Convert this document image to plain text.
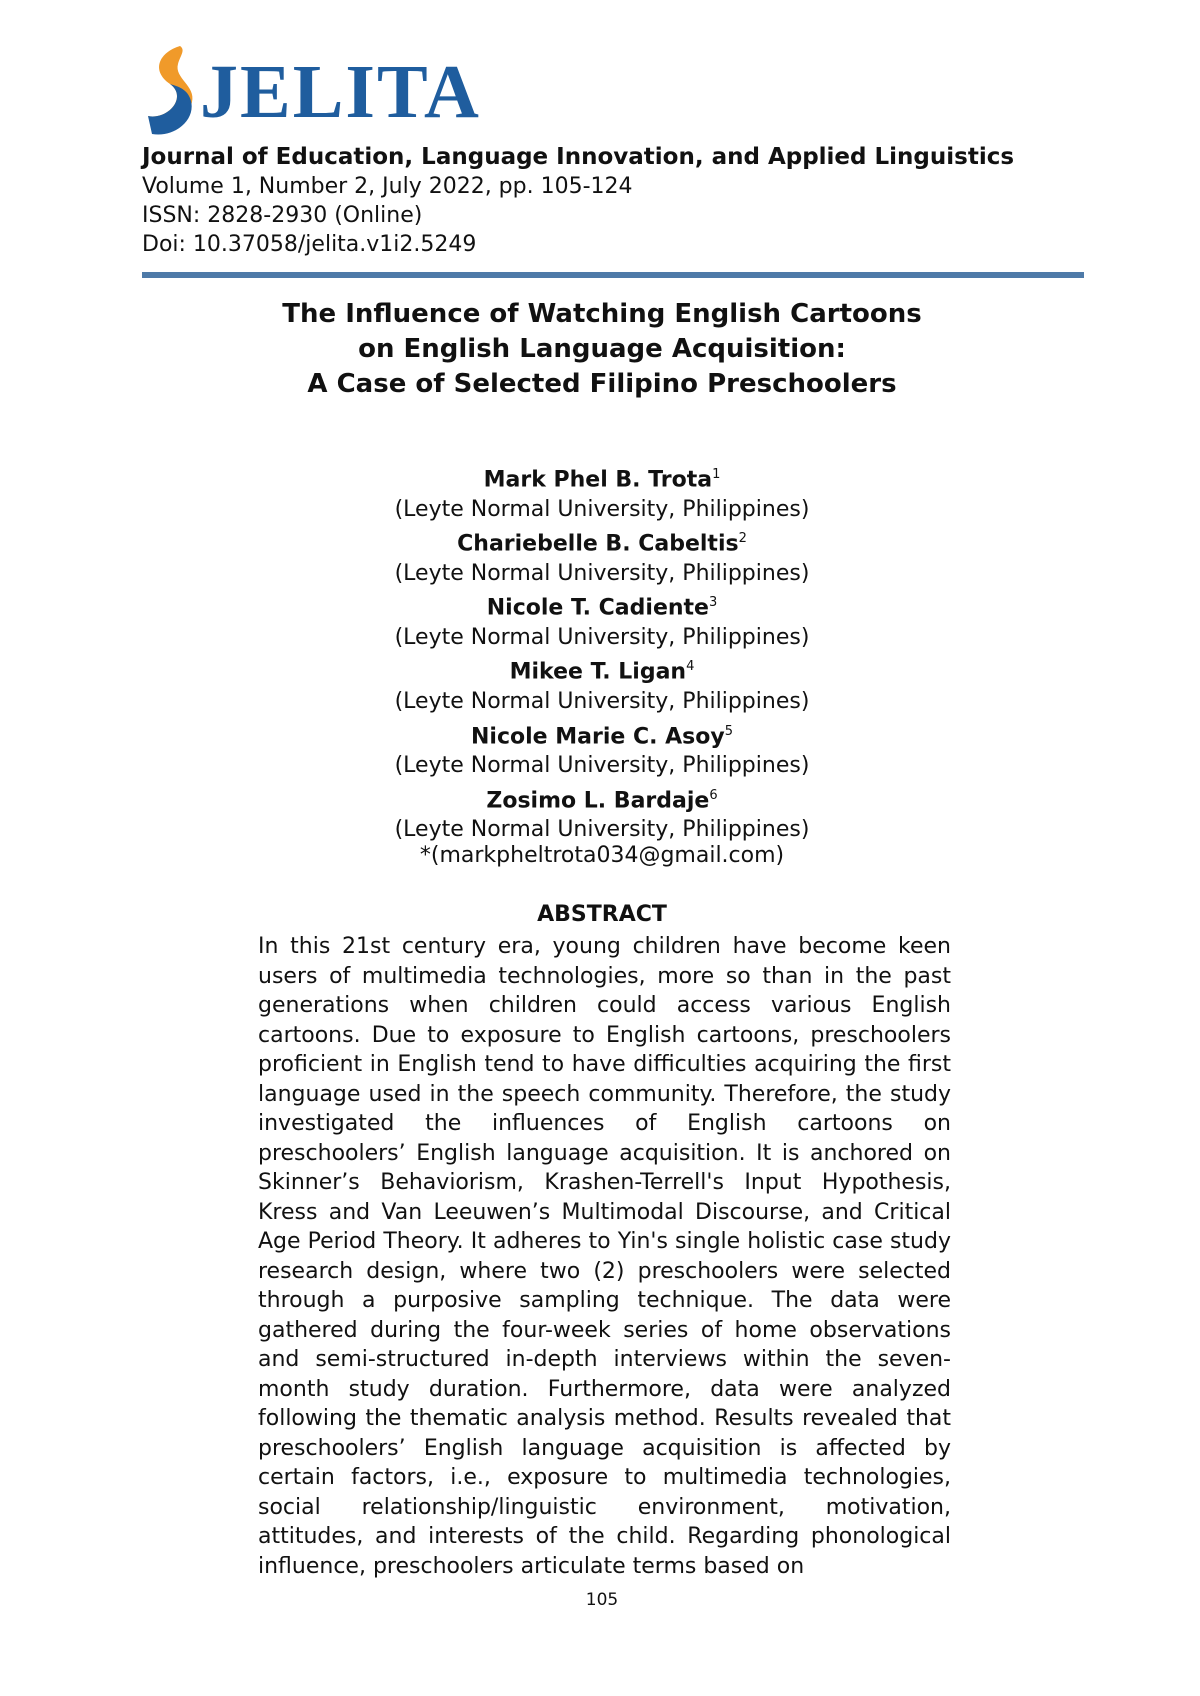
JELITA
Journal of Education, Language Innovation, and Applied Linguistics
Volume 1, Number 2, July 2022, pp. 105-124
ISSN: 2828-2930 (Online)
Doi: 10.37058/jelita.v1i2.5249
The Influence of Watching English Cartoons
on English Language Acquisition:
A Case of Selected Filipino Preschoolers
Mark Phel B. Trota$^1$
(Leyte Normal University, Philippines)
Chariebelle B. Cabeltis$^2$
(Leyte Normal University, Philippines)
Nicole T. Cadiente$^3$
(Leyte Normal University, Philippines)
Mikee T. Ligan$^4$
(Leyte Normal University, Philippines)
Nicole Marie C. Asoy$^5$
(Leyte Normal University, Philippines)
Zosimo L. Bardaje$^6$
(Leyte Normal University, Philippines)
*(markpheltrota034@gmail.com)
ABSTRACT
In this 21st century era, young children have become keen users of multimedia technologies, more so than in the past generations when children could access various English cartoons. Due to exposure to English cartoons, preschoolers proficient in English tend to have difficulties acquiring the first language used in the speech community. Therefore, the study investigated the influences of English cartoons on preschoolers’ English language acquisition. It is anchored on Skinner’s Behaviorism, Krashen-Terrell's Input Hypothesis, Kress and Van Leeuwen’s Multimodal Discourse, and Critical Age Period Theory. It adheres to Yin's single holistic case study research design, where two (2) preschoolers were selected through a purposive sampling technique. The data were gathered during the four-week series of home observations and semi-structured in-depth interviews within the seven-month study duration. Furthermore, data were analyzed following the thematic analysis method. Results revealed that preschoolers’ English language acquisition is affected by certain factors, i.e., exposure to multimedia technologies, social relationship/linguistic environment, motivation, attitudes, and interests of the child. Regarding phonological influence, preschoolers articulate terms based on
105
